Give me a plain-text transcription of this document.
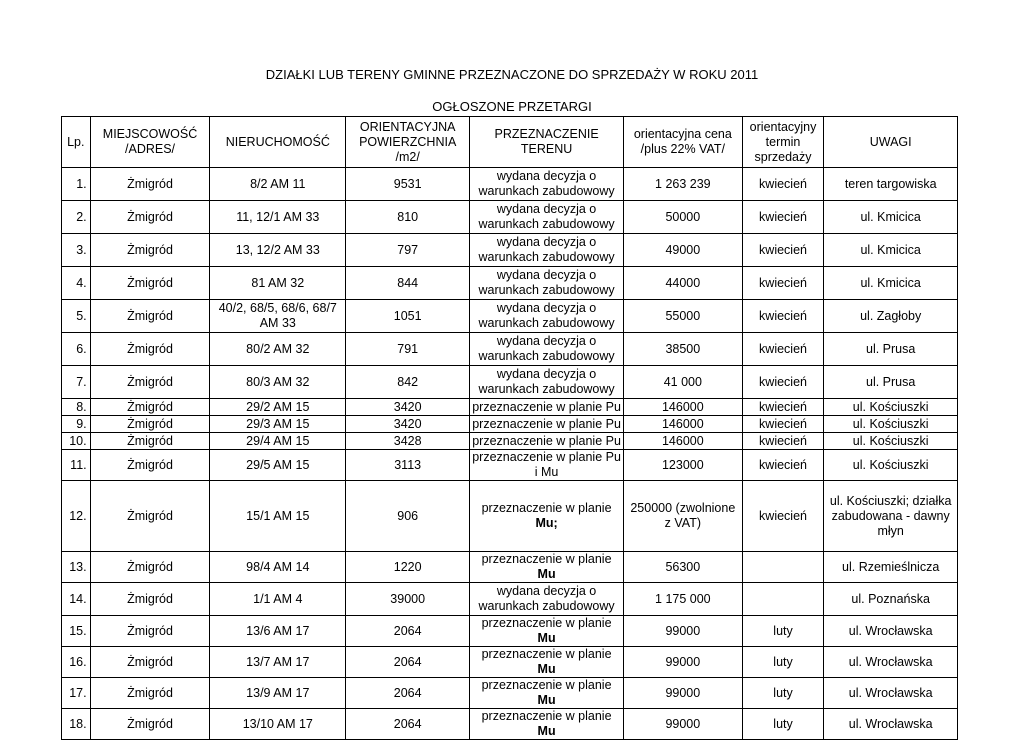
DZIAŁKI LUB TERENY GMINNE PRZEZNACZONE DO SPRZEDAŻY W ROKU 2011
OGŁOSZONE PRZETARGI
Lp.	MIEJSCOWOŚĆ /ADRES/	NIERUCHOMOŚĆ	ORIENTACYJNA POWIERZCHNIA /m2/	PRZEZNACZENIE TERENU	orientacyjna cena /plus 22% VAT/	orientacyjny termin sprzedaży	UWAGI
1.	Żmigród	8/2 AM 11	9531	wydana decyzja o warunkach zabudowowy	1 263 239	kwiecień	teren targowiska
2.	Żmigród	11, 12/1 AM 33	810	wydana decyzja o warunkach zabudowowy	50000	kwiecień	ul. Kmicica
3.	Żmigród	13, 12/2 AM 33	797	wydana decyzja o warunkach zabudowowy	49000	kwiecień	ul. Kmicica
4.	Żmigród	81 AM 32	844	wydana decyzja o warunkach zabudowowy	44000	kwiecień	ul. Kmicica
5.	Żmigród	40/2, 68/5, 68/6, 68/7 AM 33	1051	wydana decyzja o warunkach zabudowowy	55000	kwiecień	ul. Zagłoby
6.	Żmigród	80/2 AM 32	791	wydana decyzja o warunkach zabudowowy	38500	kwiecień	ul. Prusa
7.	Żmigród	80/3 AM 32	842	wydana decyzja o warunkach zabudowowy	41 000	kwiecień	ul. Prusa
8.	Żmigród	29/2 AM 15	3420	przeznaczenie w planie Pu	146000	kwiecień	ul. Kościuszki
9.	Żmigród	29/3 AM 15	3420	przeznaczenie w planie Pu	146000	kwiecień	ul. Kościuszki
10.	Żmigród	29/4 AM 15	3428	przeznaczenie w planie Pu	146000	kwiecień	ul. Kościuszki
11.	Żmigród	29/5 AM 15	3113	przeznaczenie w planie Pu i Mu	123000	kwiecień	ul. Kościuszki
12.	Żmigród	15/1 AM 15	906	przeznaczenie w planie Mu;	250000 (zwolnione z VAT)	kwiecień	ul. Kościuszki; działka zabudowana - dawny młyn
13.	Żmigród	98/4 AM 14	1220	przeznaczenie w planie Mu	56300		ul. Rzemieślnicza
14.	Żmigród	1/1 AM 4	39000	wydana decyzja o warunkach zabudowowy	1 175 000		ul. Poznańska
15.	Żmigród	13/6 AM 17	2064	przeznaczenie w planie Mu	99000	luty	ul. Wrocławska
16.	Żmigród	13/7 AM 17	2064	przeznaczenie w planie Mu	99000	luty	ul. Wrocławska
17.	Żmigród	13/9 AM 17	2064	przeznaczenie w planie Mu	99000	luty	ul. Wrocławska
18.	Żmigród	13/10 AM 17	2064	przeznaczenie w planie Mu	99000	luty	ul. Wrocławska
